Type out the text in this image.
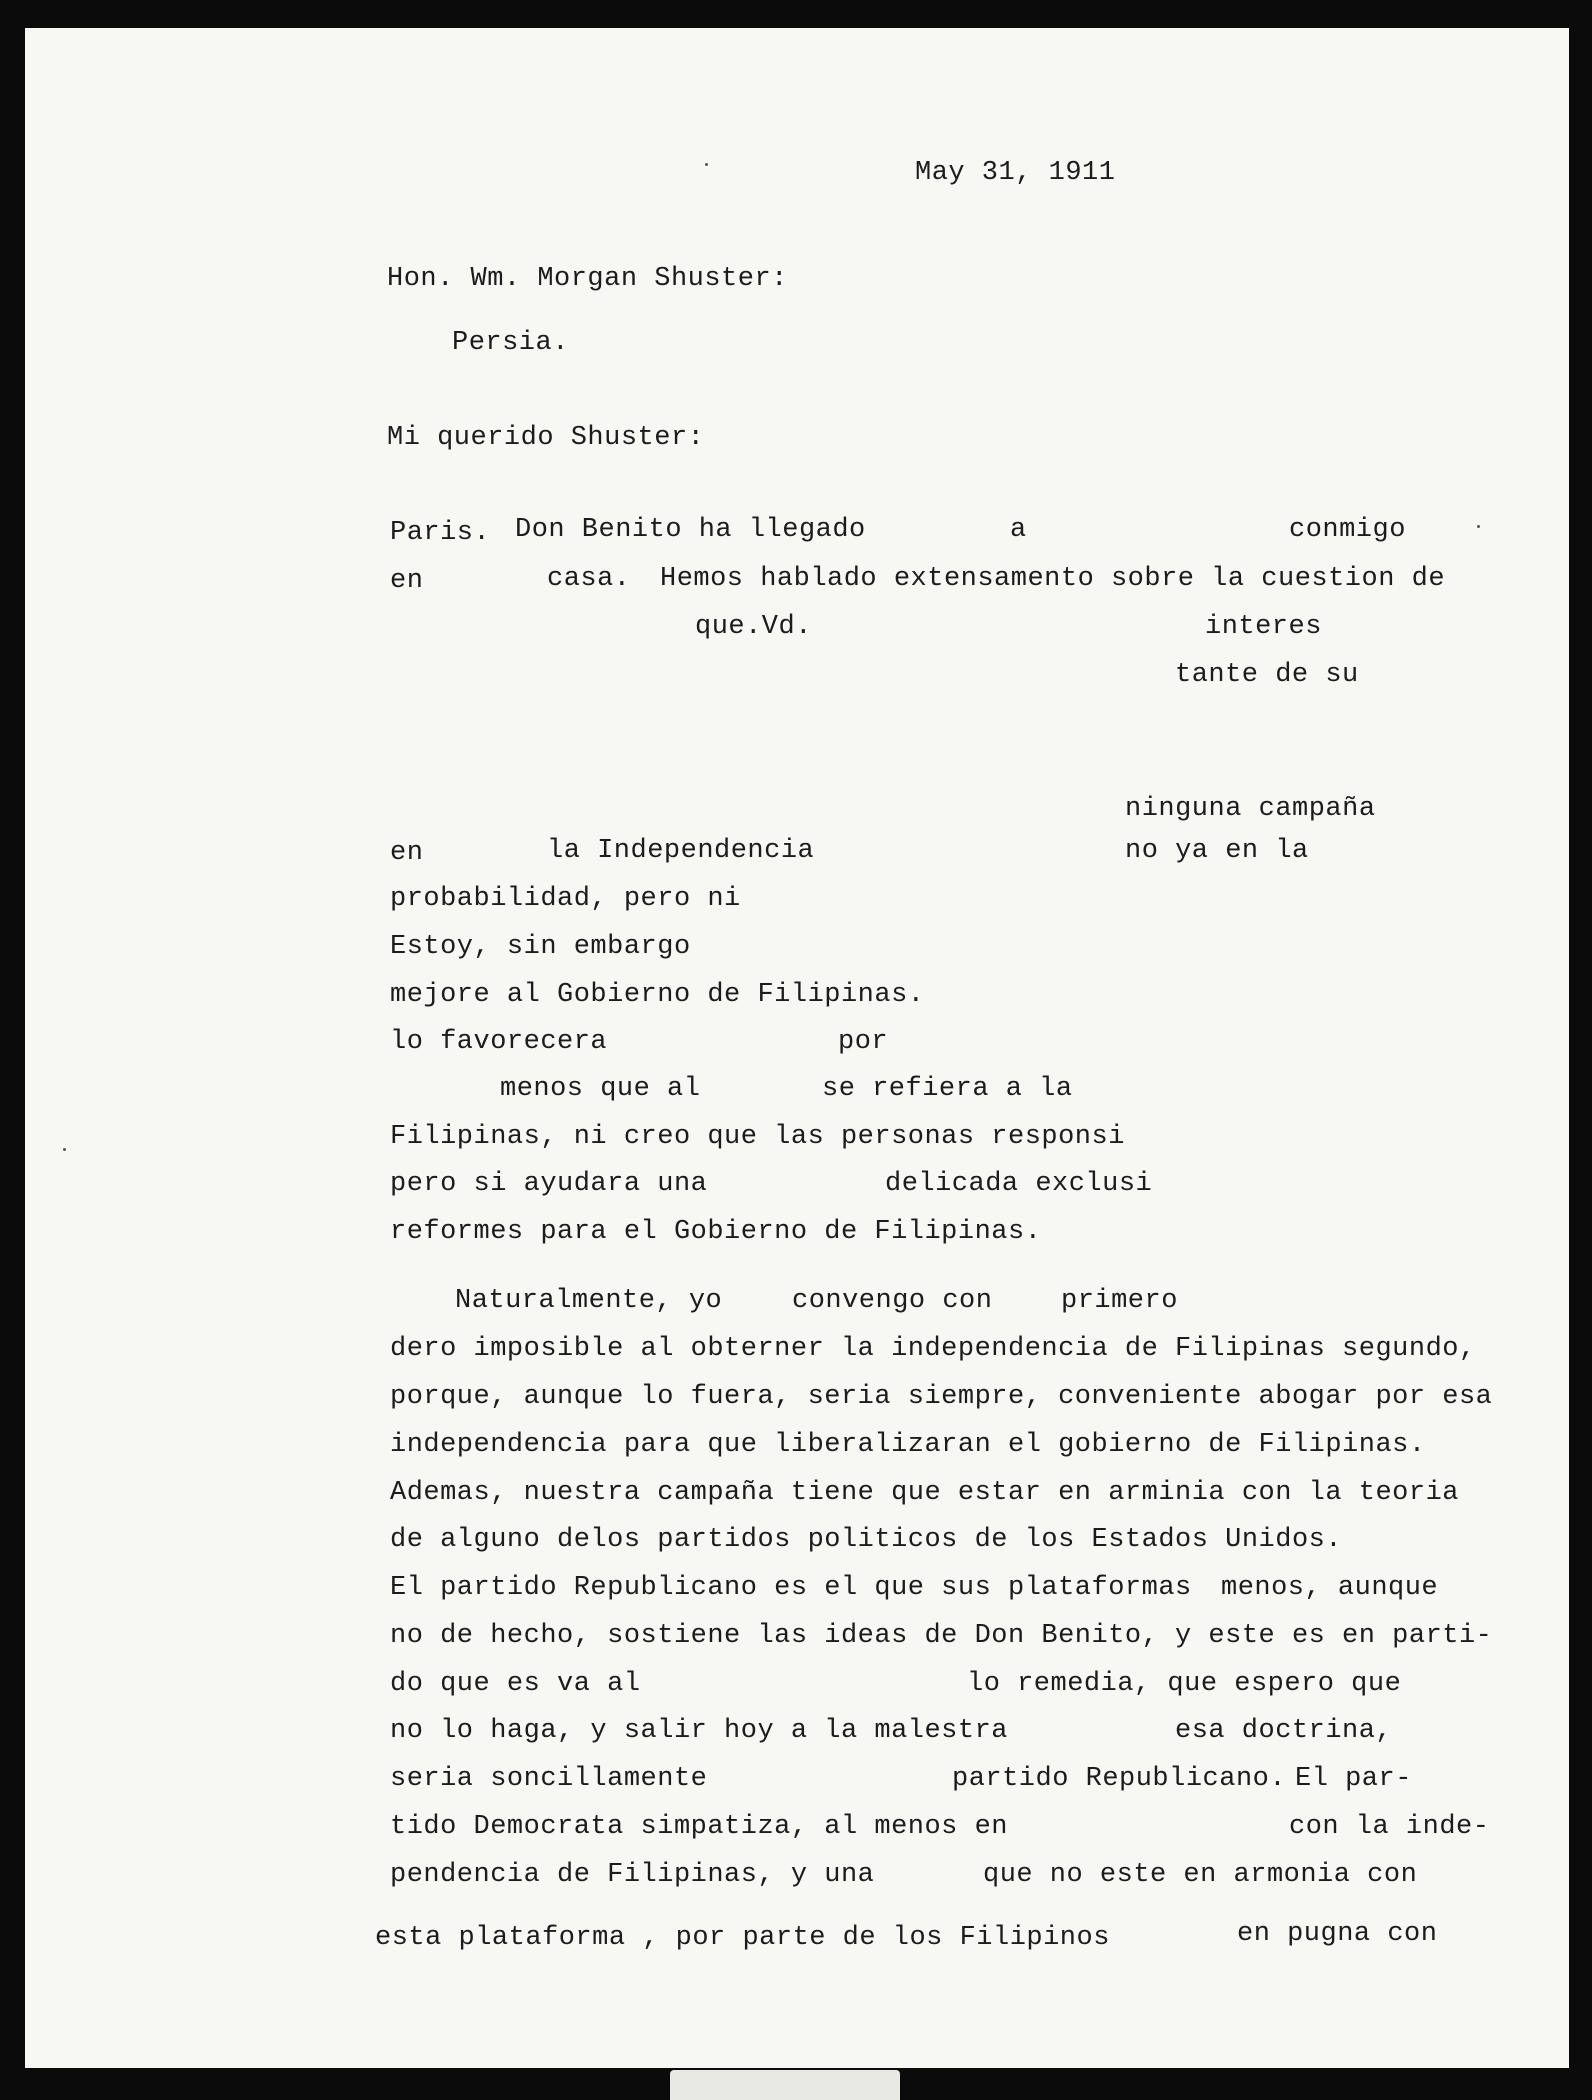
May 31, 1911
Hon. Wm. Morgan Shuster:
Persia.
Mi querido Shuster:
Paris. Don Benito ha llegado	a	conmigo
en	casa. Hemos hablado extensamento sobre la cuestion de
que.Vd.	interes
tante de su
ninguna campaña
en	la Independencia	no ya en la
probabilidad, pero ni
Estoy, sin embargo
mejore al Gobierno de Filipinas.
lo favorecera	por
menos que al	se refiera a la
Filipinas, ni creo que las personas responsi
pero si ayudara una	delicada exclusi
reformes para el Gobierno de Filipinas.
Naturalmente, yo	convengo con	primero
dero imposible al obterner la independencia de Filipinas segundo,
porque, aunque lo fuera, seria siempre, conveniente abogar por esa
independencia para que liberalizaran el gobierno de Filipinas.
Ademas, nuestra campaña tiene que estar en arminia con la teoria
de alguno delos partidos politicos de los Estados Unidos.
El partido Republicano es el que sus plataformas menos, aunque
no de hecho, sostiene las ideas de Don Benito, y este es en parti-
do que es va al	lo remedia, que espero que
no lo haga, y salir hoy a la malestra	esa doctrina,
seria soncillamente	partido Republicano. El par-
tido Democrata simpatiza, al menos en	con la inde-
pendencia de Filipinas, y una	que no este en armonia con
esta plataforma , por parte de los Filipinos	en pugna con
